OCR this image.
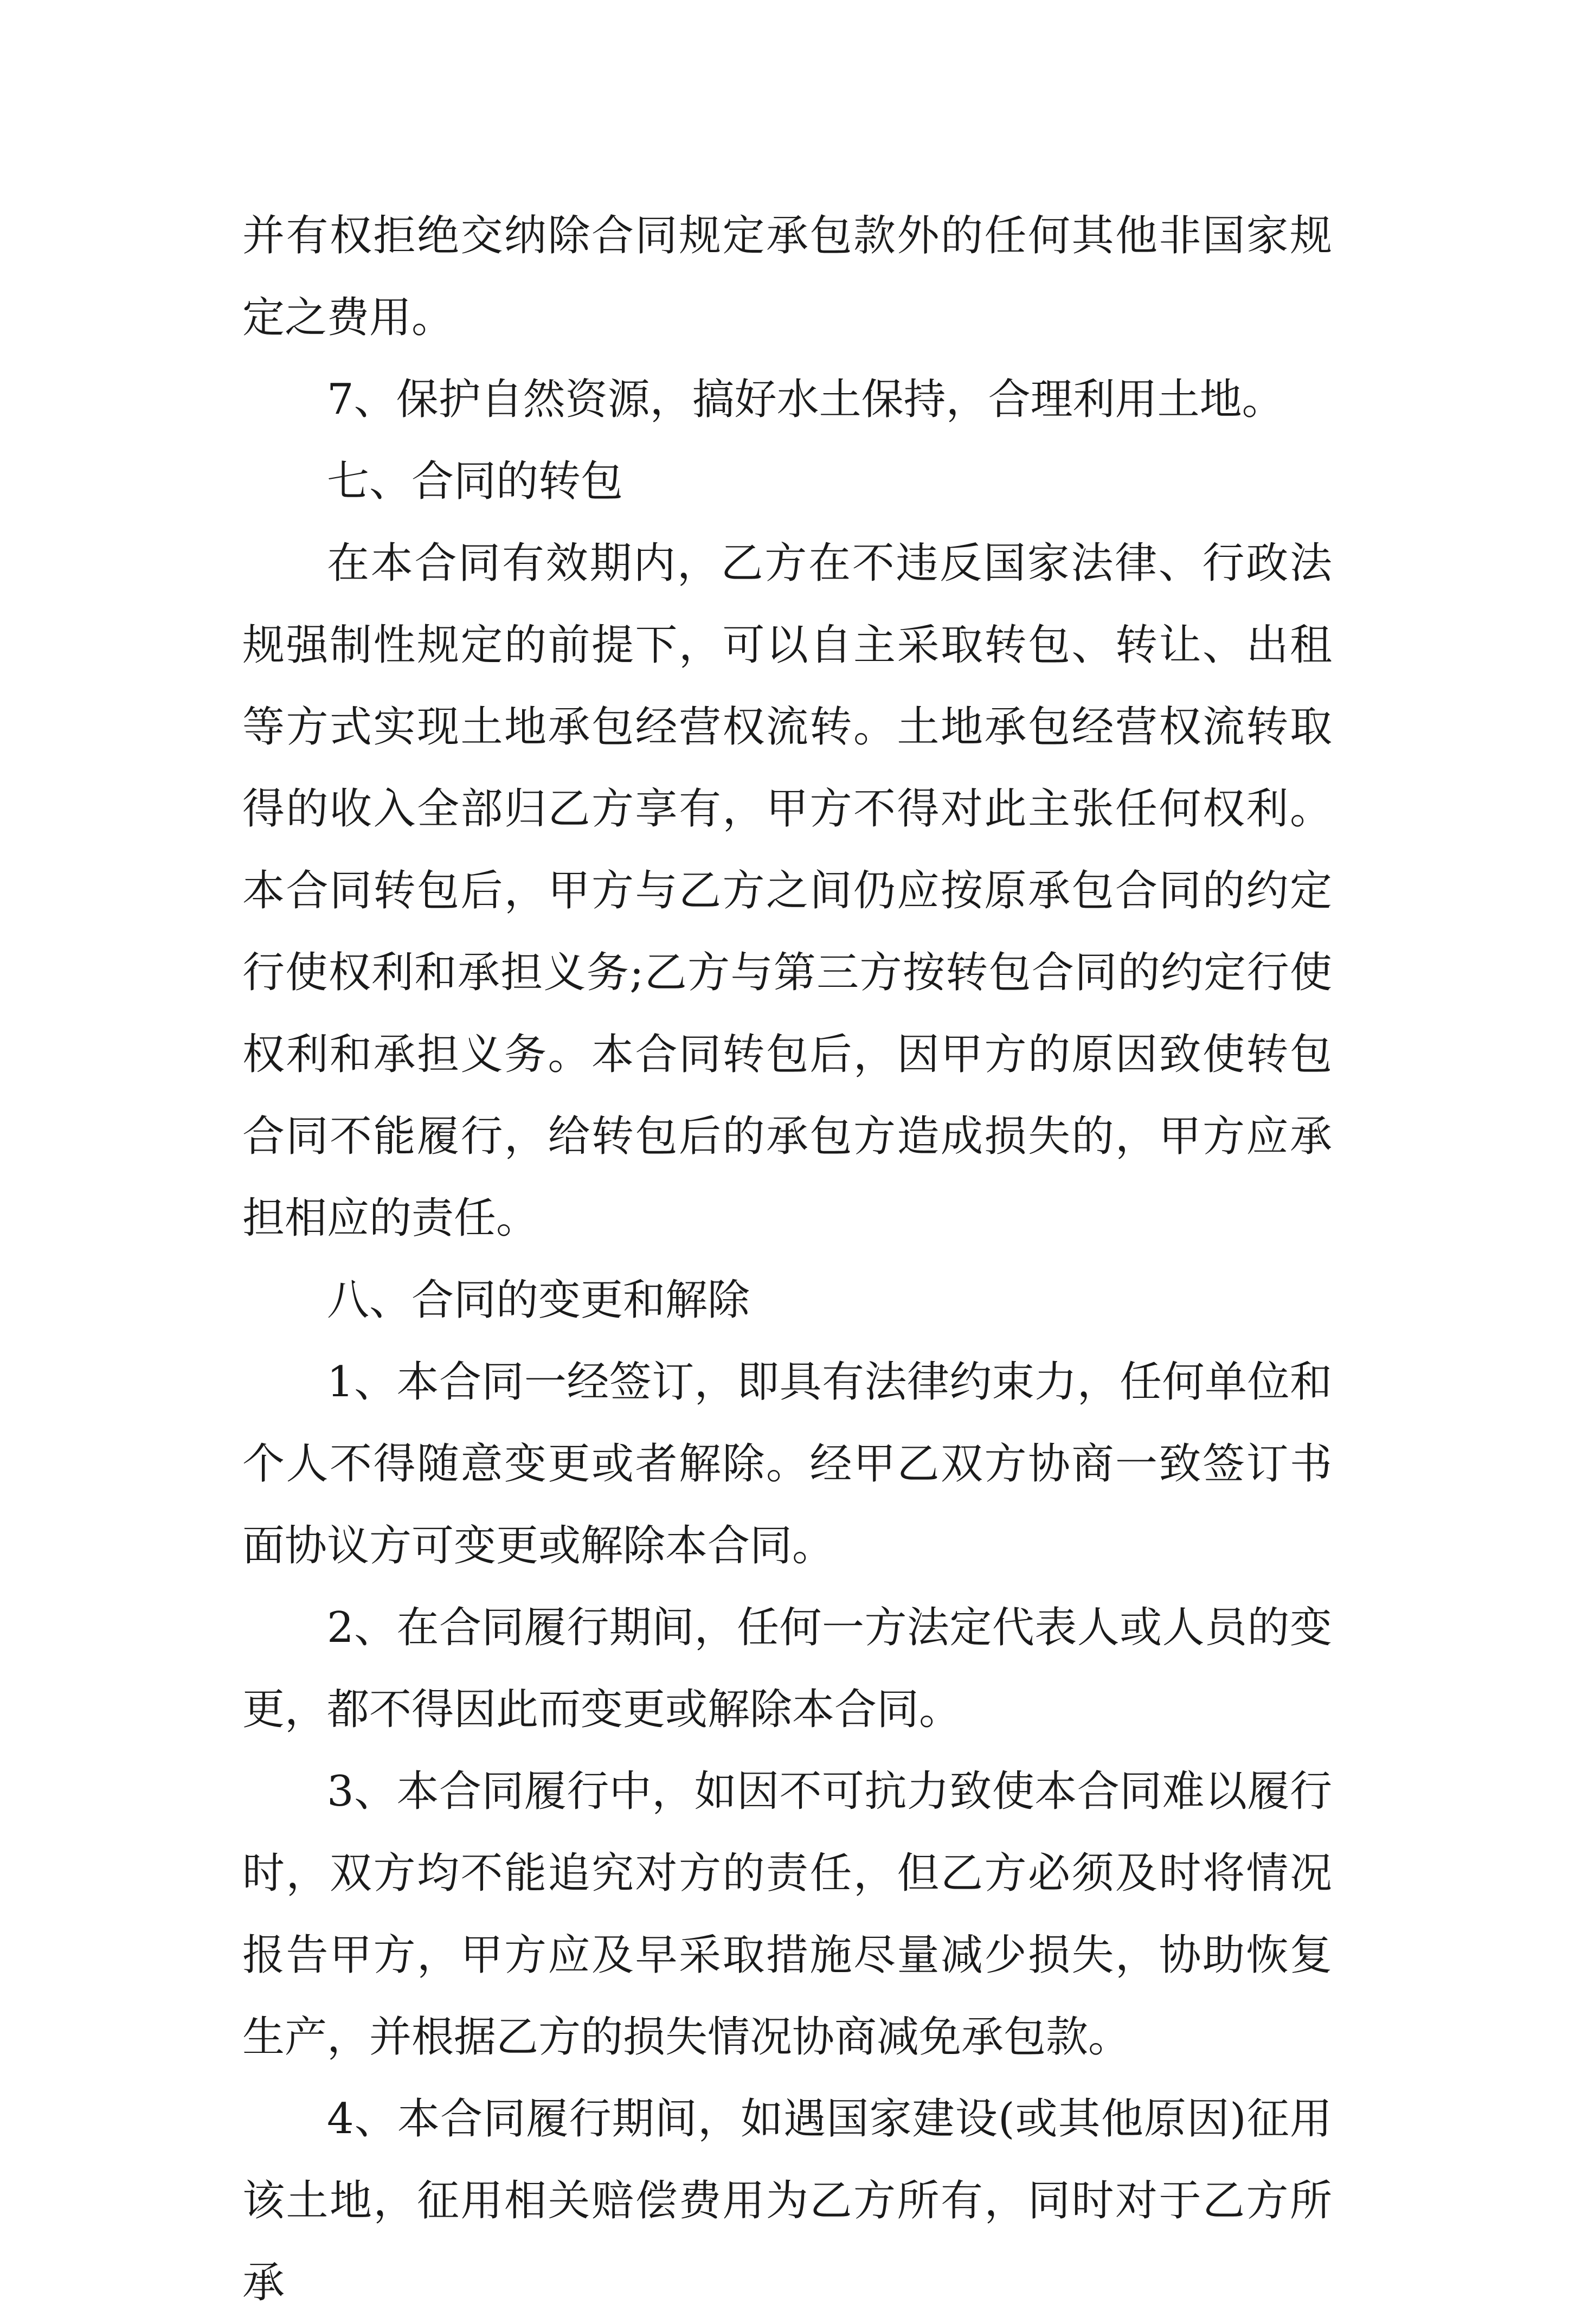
并有权拒绝交纳除合同规定承包款外的任何其他非国家规定之费用。

7、保护自然资源，搞好水土保持，合理利用土地。

七、合同的转包

在本合同有效期内，乙方在不违反国家法律、行政法规强制性规定的前提下，可以自主采取转包、转让、出租等方式实现土地承包经营权流转。土地承包经营权流转取得的收入全部归乙方享有，甲方不得对此主张任何权利。本合同转包后，甲方与乙方之间仍应按原承包合同的约定行使权利和承担义务;乙方与第三方按转包合同的约定行使权利和承担义务。本合同转包后，因甲方的原因致使转包合同不能履行，给转包后的承包方造成损失的，甲方应承担相应的责任。

八、合同的变更和解除

1、本合同一经签订，即具有法律约束力，任何单位和个人不得随意变更或者解除。经甲乙双方协商一致签订书面协议方可变更或解除本合同。

2、在合同履行期间，任何一方法定代表人或人员的变更，都不得因此而变更或解除本合同。

3、本合同履行中，如因不可抗力致使本合同难以履行时，双方均不能追究对方的责任，但乙方必须及时将情况报告甲方，甲方应及早采取措施尽量减少损失，协助恢复生产，并根据乙方的损失情况协商减免承包款。

4、本合同履行期间，如遇国家建设(或其他原因)征用该土地，征用相关赔偿费用为乙方所有，同时对于乙方所承
